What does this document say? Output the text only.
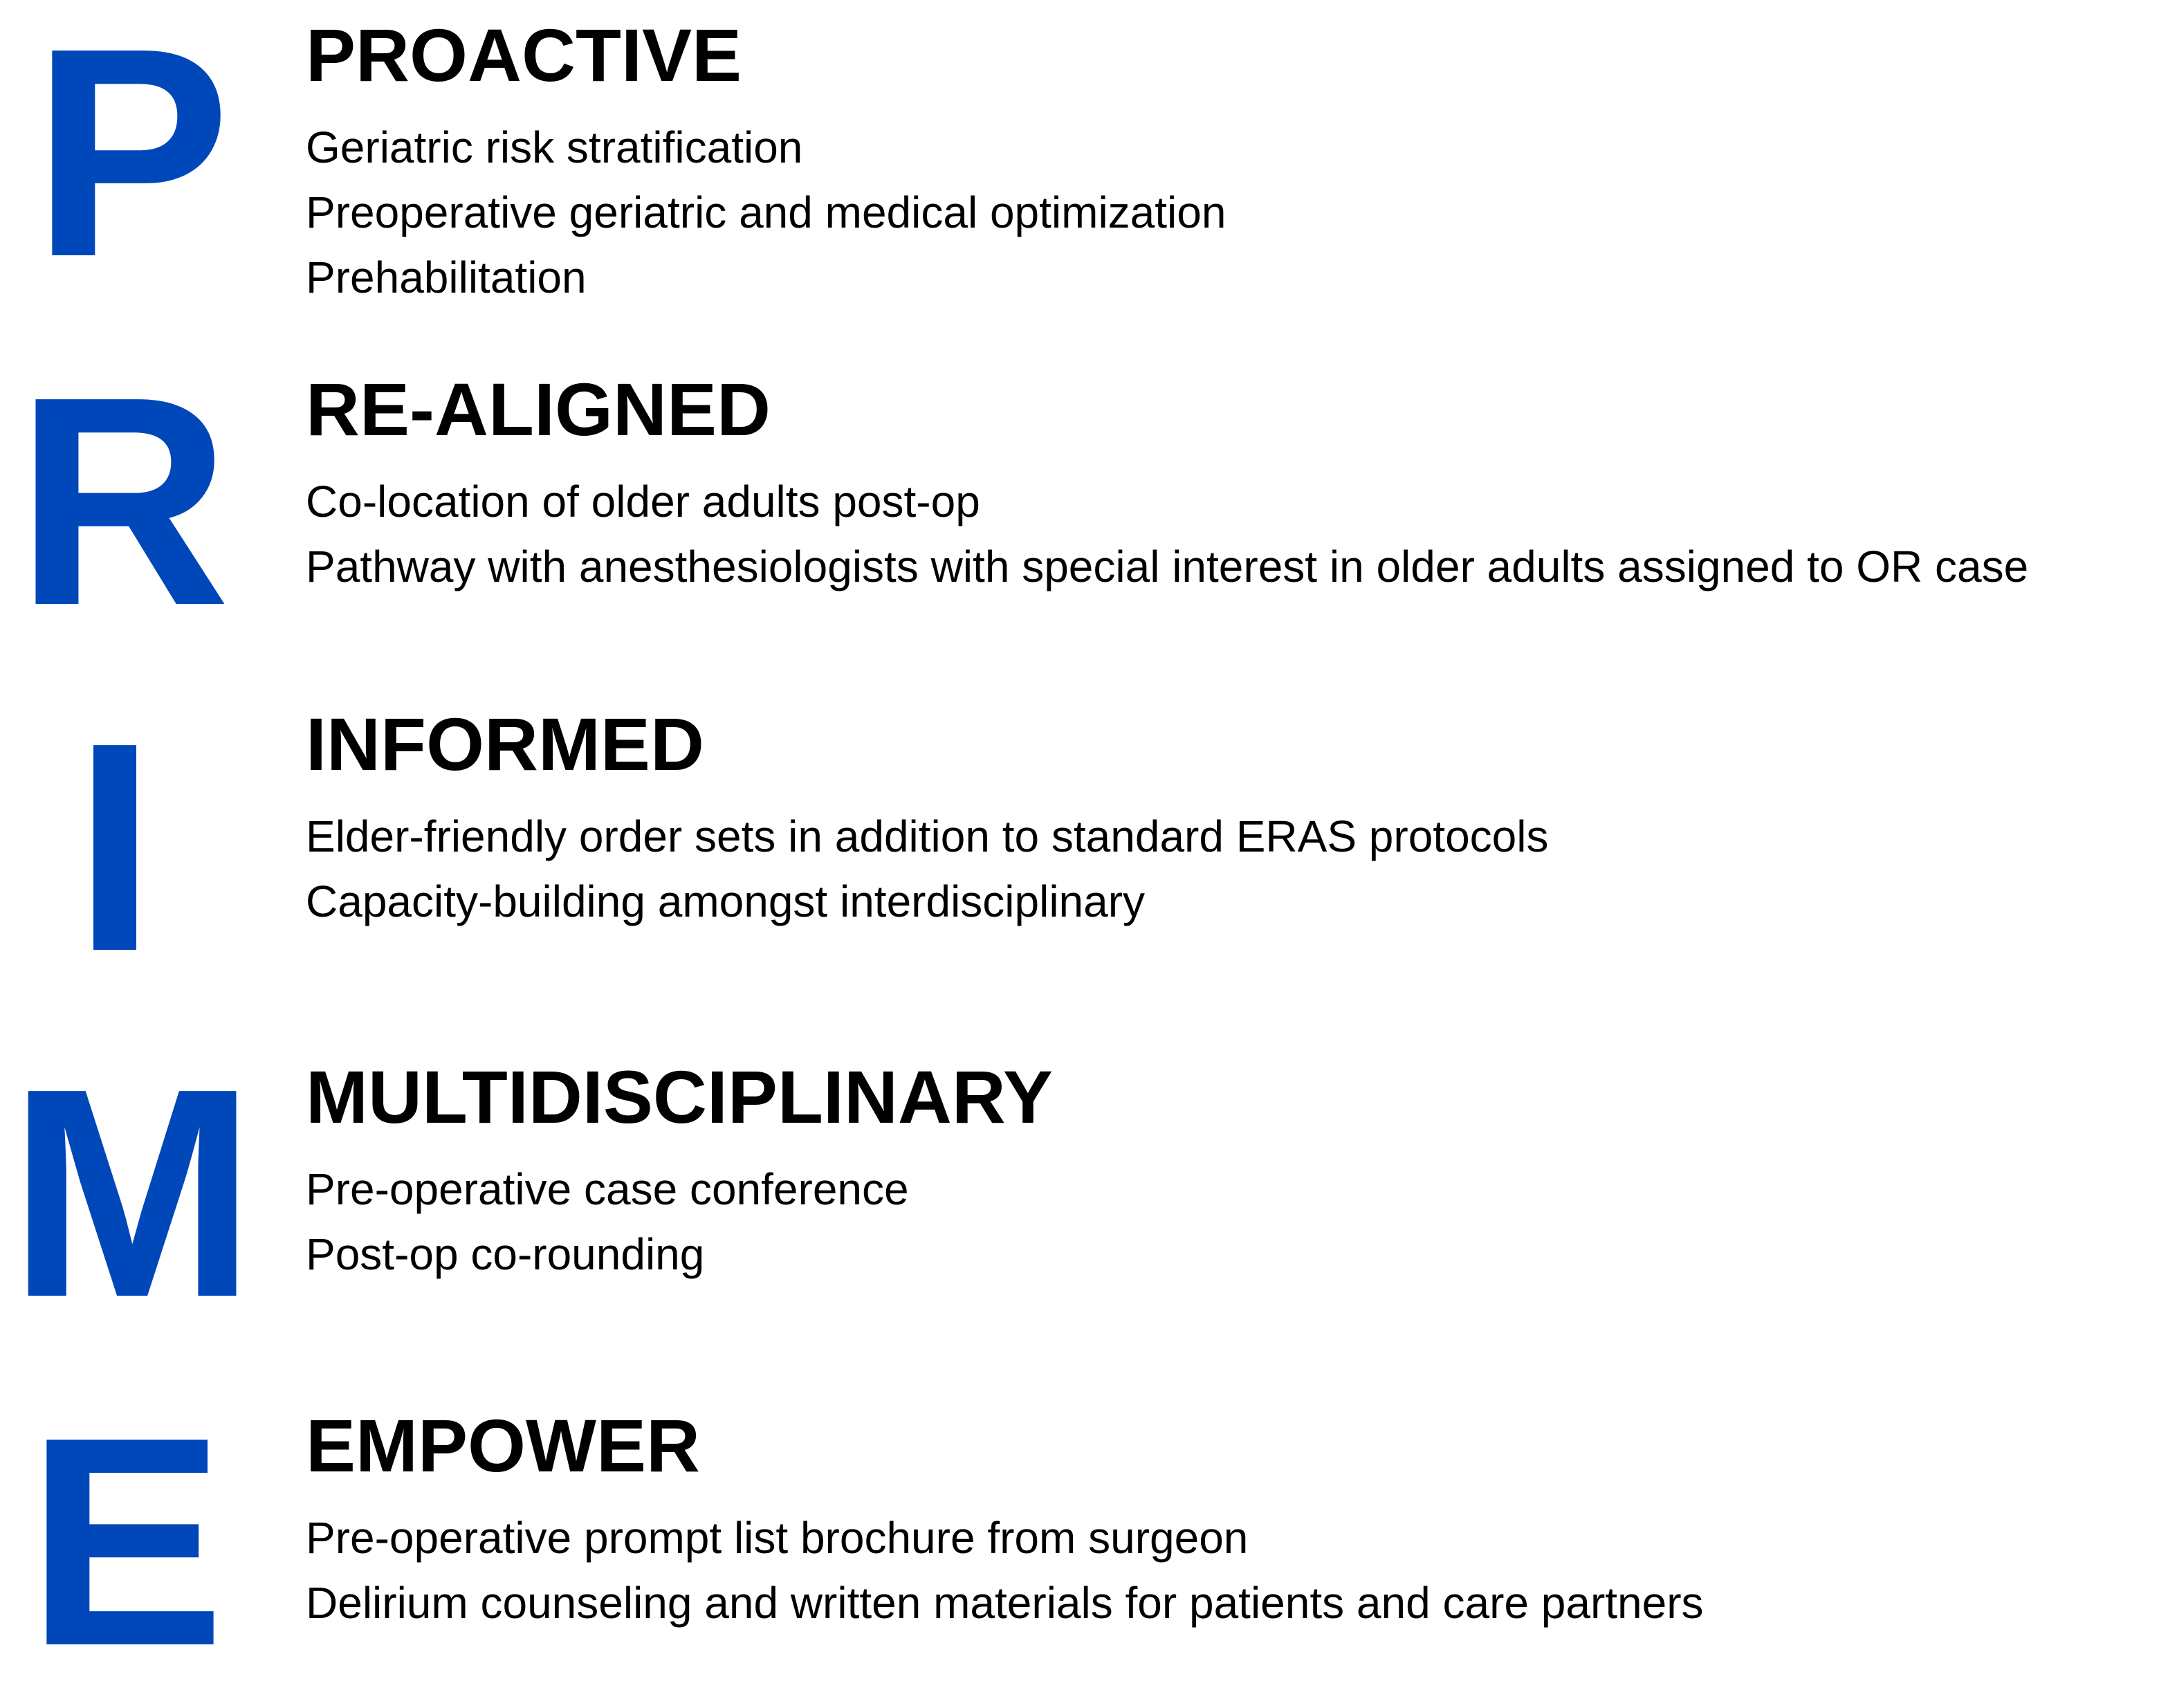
P PROACTIVE
Geriatric risk stratification
Preoperative geriatric and medical optimization
Prehabilitation
R RE-ALIGNED
Co-location of older adults post-op
Pathway with anesthesiologists with special interest in older adults assigned to OR case
I	INFORMED
Elder-friendly order sets in addition to standard ERAS protocols
Capacity-building amongst interdisciplinary
M MULTIDISCIPLINARY
Pre-operative case conference
Post-op co-rounding
E EMPOWER
Pre-operative prompt list brochure from surgeon
Delirium counseling and written materials for patients and care partners
